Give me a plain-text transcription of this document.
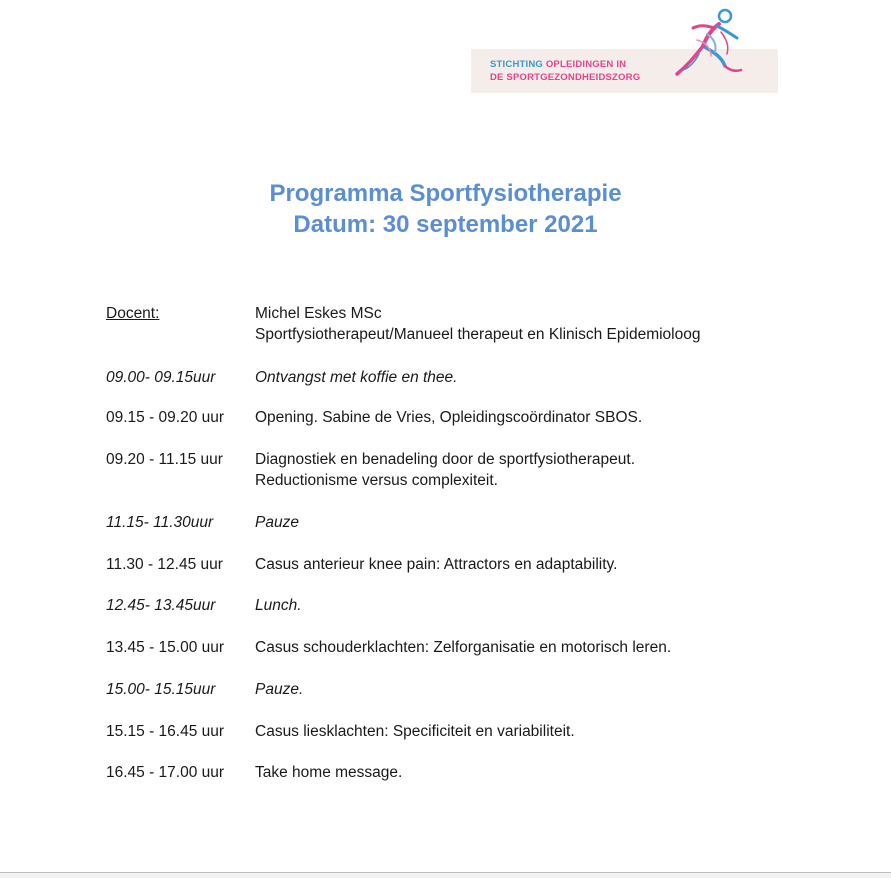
STICHTING OPLEIDINGEN IN
DE SPORTGEZONDHEIDSZORG
Programma Sportfysiotherapie
Datum: 30 september 2021
Docent:	Michel Eskes MSc
Sportfysiotherapeut/Manueel therapeut en Klinisch Epidemioloog
09.00- 09.15uur	Ontvangst met koffie en thee.
09.15 - 09.20 uur Opening. Sabine de Vries, Opleidingscoördinator SBOS.
09.20 - 11.15 uur Diagnostiek en benadeling door de sportfysiotherapeut.
Reductionisme versus complexiteit.
11.15- 11.30uur	Pauze
11.30 - 12.45 uur Casus anterieur knee pain: Attractors en adaptability.
12.45- 13.45uur	Lunch.
13.45 - 15.00 uur Casus schouderklachten: Zelforganisatie en motorisch leren.
15.00- 15.15uur	Pauze.
15.15 - 16.45 uur Casus liesklachten: Specificiteit en variabiliteit.
16.45 - 17.00 uur Take home message.
